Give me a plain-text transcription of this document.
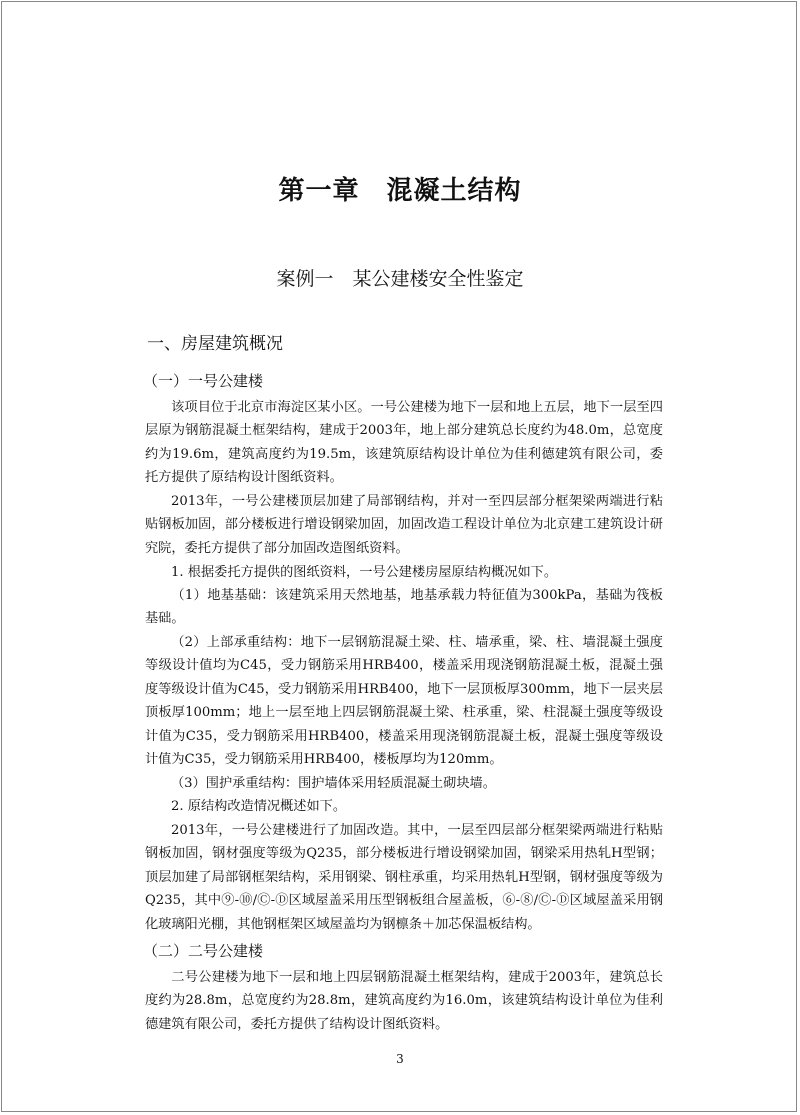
第一章　混凝土结构
案例一　某公建楼安全性鉴定
一、房屋建筑概况
（一）一号公建楼

该项目位于北京市海淀区某小区。一号公建楼为地下一层和地上五层，地下一层至四层原为钢筋混凝土框架结构，建成于2003年，地上部分建筑总长度约为48.0m，总宽度约为19.6m，建筑高度约为19.5m，该建筑原结构设计单位为佳利德建筑有限公司，委托方提供了原结构设计图纸资料。

2013年，一号公建楼顶层加建了局部钢结构，并对一至四层部分框架梁两端进行粘贴钢板加固，部分楼板进行增设钢梁加固，加固改造工程设计单位为北京建工建筑设计研究院，委托方提供了部分加固改造图纸资料。

1. 根据委托方提供的图纸资料，一号公建楼房屋原结构概况如下。

（1）地基基础：该建筑采用天然地基，地基承载力特征值为300kPa，基础为筏板基础。

（2）上部承重结构：地下一层钢筋混凝土梁、柱、墙承重，梁、柱、墙混凝土强度等级设计值均为C45，受力钢筋采用HRB400，楼盖采用现浇钢筋混凝土板，混凝土强度等级设计值为C45，受力钢筋采用HRB400，地下一层顶板厚300mm，地下一层夹层顶板厚100mm；地上一层至地上四层钢筋混凝土梁、柱承重，梁、柱混凝土强度等级设计值为C35，受力钢筋采用HRB400，楼盖采用现浇钢筋混凝土板，混凝土强度等级设计值为C35，受力钢筋采用HRB400，楼板厚均为120mm。

（3）围护承重结构：围护墙体采用轻质混凝土砌块墙。

2. 原结构改造情况概述如下。

2013年，一号公建楼进行了加固改造。其中，一层至四层部分框架梁两端进行粘贴钢板加固，钢材强度等级为Q235，部分楼板进行增设钢梁加固，钢梁采用热轧H型钢；顶层加建了局部钢框架结构，采用钢梁、钢柱承重，均采用热轧H型钢，钢材强度等级为Q235，其中⑨-⑩/Ⓒ-Ⓓ区域屋盖采用压型钢板组合屋盖板，⑥-⑧/Ⓒ-Ⓓ区域屋盖采用钢化玻璃阳光棚，其他钢框架区域屋盖均为钢檩条＋加芯保温板结构。

（二）二号公建楼

二号公建楼为地下一层和地上四层钢筋混凝土框架结构，建成于2003年，建筑总长度约为28.8m，总宽度约为28.8m，建筑高度约为16.0m，该建筑结构设计单位为佳利德建筑有限公司，委托方提供了结构设计图纸资料。

3
